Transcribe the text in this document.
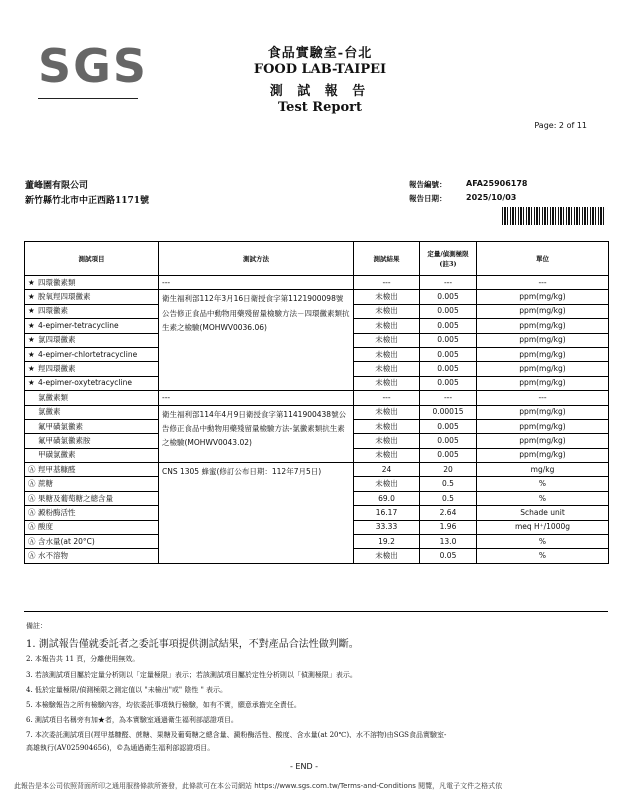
SGS	食品實驗室-台北
FOOD LAB-TAIPEI
測 試 報 告
Test Report
Page: 2 of 11
董峰園有限公司
新竹縣竹北市中正西路1171號
報告編號： AFA25906178
報告日期： 2025/10/03
測試項目	測試方法	測試結果	定量/偵測極限(註3)	單位
★ 四環黴素類	---	---	---	---
★ 脫氧羥四環黴素	衛生福利部112年3月16日衛授食字第1121900098號公告修正食品中動物用藥殘留量檢驗方法－四環黴素類抗生素之檢驗(MOHWV0036.06)	未檢出	0.005	ppm(mg/kg)
★ 四環黴素		未檢出	0.005	ppm(mg/kg)
★ 4-epimer-tetracycline		未檢出	0.005	ppm(mg/kg)
★ 氯四環黴素		未檢出	0.005	ppm(mg/kg)
★ 4-epimer-chlortetracycline		未檢出	0.005	ppm(mg/kg)
★ 羥四環黴素		未檢出	0.005	ppm(mg/kg)
★ 4-epimer-oxytetracycline		未檢出	0.005	ppm(mg/kg)
氯黴素類	---	---	---	---
氯黴素	衛生福利部114年4月9日衛授食字第1141900438號公告修正食品中動物用藥殘留量檢驗方法-氯黴素類抗生素之檢驗(MOHWV0043.02)	未檢出	0.00015	ppm(mg/kg)
氟甲磺氯黴素		未檢出	0.005	ppm(mg/kg)
氟甲磺氯黴素胺		未檢出	0.005	ppm(mg/kg)
甲磺氯黴素		未檢出	0.005	ppm(mg/kg)
Ⓐ 羥甲基糠醛	CNS 1305 蜂蜜(修訂公布日期：112年7月5日)	24	20	mg/kg
Ⓐ 蔗糖		未檢出	0.5	%
Ⓐ 果糖及葡萄糖之總含量		69.0	0.5	%
Ⓐ 澱粉酶活性		16.17	2.64	Schade unit
Ⓐ 酸度		33.33	1.96	meq H⁺/1000g
Ⓐ 含水量(at 20°C)		19.2	13.0	%
Ⓐ 水不溶物		未檢出	0.05	%
備註：
1. 測試報告僅就委託者之委託事項提供測試結果，不對產品合法性做判斷。
2. 本報告共 11 頁，分離使用無效。
3. 若該測試項目屬於定量分析則以「定量極限」表示；若該測試項目屬於定性分析則以「偵測極限」表示。
4. 低於定量極限/偵測極限之測定值以 "未檢出"或" 陰性 " 表示。
5. 本檢驗報告之所有檢驗內容，均依委託事項執行檢驗，如有不實，願意承擔完全責任。
6. 測試項目名稱旁有加★者，為本實驗室通過衛生福利部認證項目。
7. 本次委託測試項目(羥甲基糠醛、蔗糖、果糖及葡萄糖之總含量、澱粉酶活性、酸度、含水量(at 20℃)、水不溶物)由SGS食品實驗室-
高雄執行(AV025904656)，©為通過衛生福利部認證項目。
- END -
此報告是本公司依照背面所印之通用服務條款所簽發，此條款可在本公司網站 https://www.sgs.com.tw/Terms-and-Conditions 閱覽，凡電子文件之格式依
